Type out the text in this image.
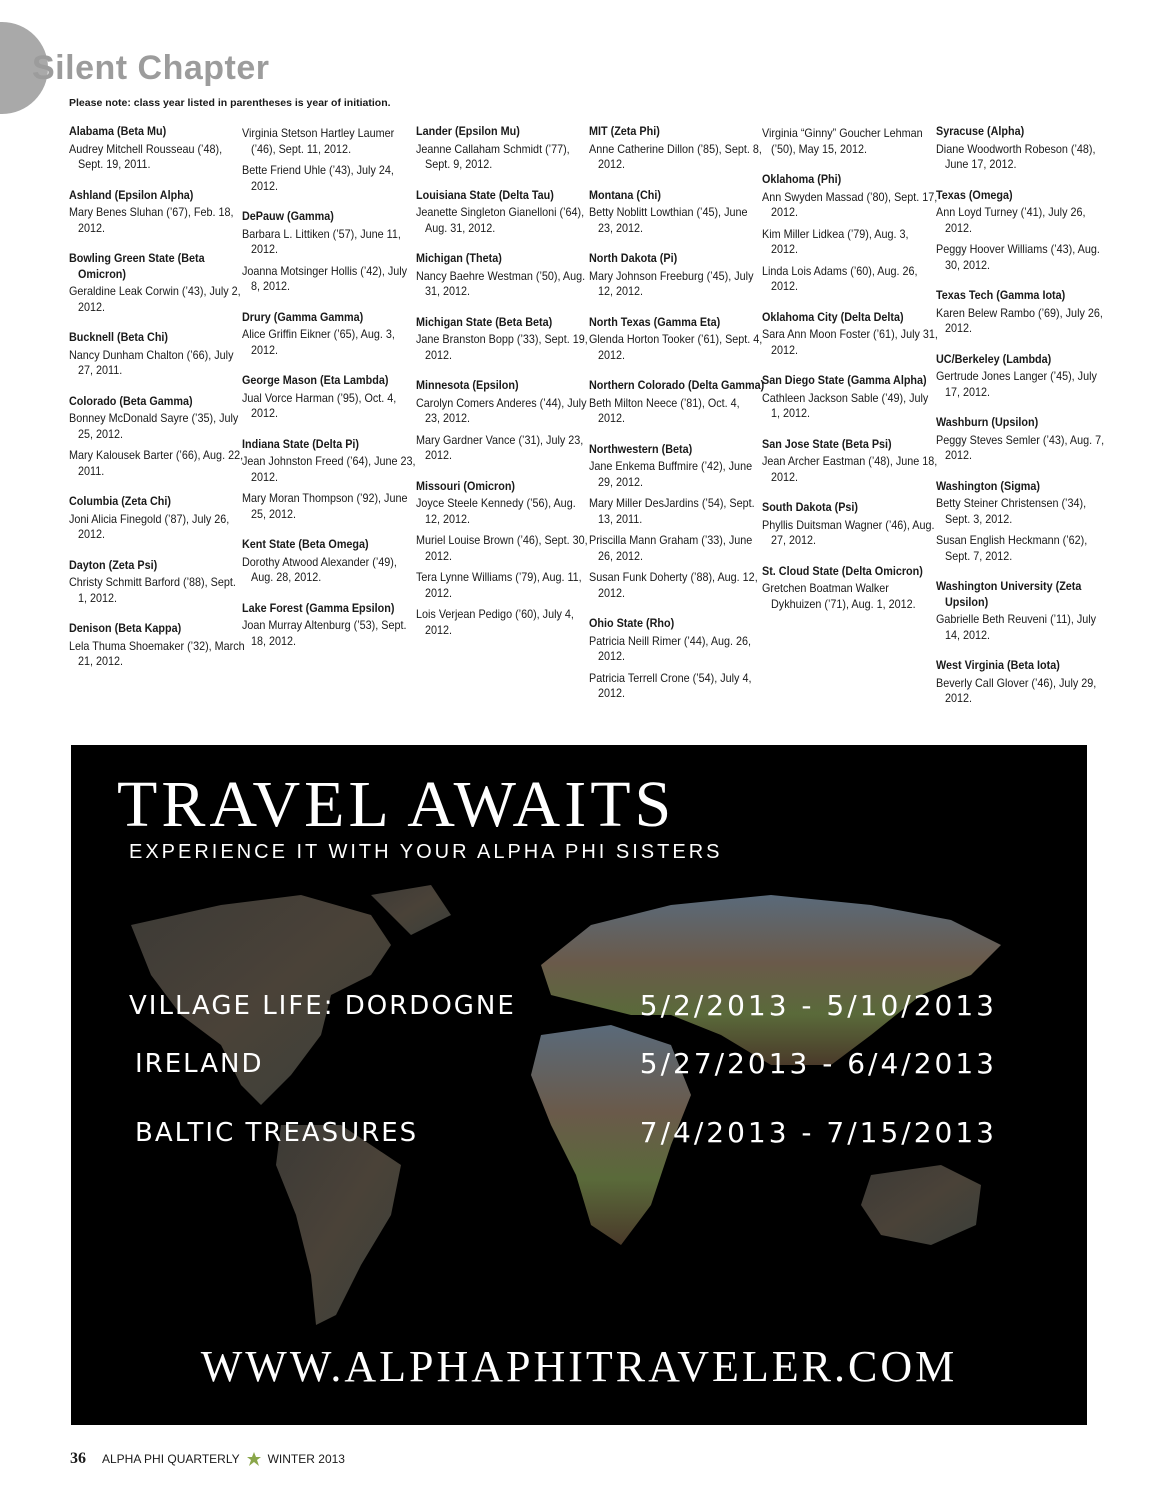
Silent Chapter
Please note: class year listed in parentheses is year of initiation.
Alabama (Beta Mu)
Audrey Mitchell Rousseau (’48), Sept. 19, 2011.
Ashland (Epsilon Alpha)
Mary Benes Sluhan (’67), Feb. 18, 2012.
Bowling Green State (Beta Omicron)
Geraldine Leak Corwin (’43), July 2, 2012.
Bucknell (Beta Chi)
Nancy Dunham Chalton (’66), July 27, 2011.
Colorado (Beta Gamma)
Bonney McDonald Sayre (’35), July 25, 2012.
Mary Kalousek Barter (’66), Aug. 22, 2011.
Columbia (Zeta Chi)
Joni Alicia Finegold (’87), July 26, 2012.
Dayton (Zeta Psi)
Christy Schmitt Barford (’88), Sept. 1, 2012.
Denison (Beta Kappa)
Lela Thuma Shoemaker (’32), March 21, 2012.
Virginia Stetson Hartley Laumer (’46), Sept. 11, 2012.
Bette Friend Uhle (’43), July 24, 2012.
DePauw (Gamma)
Barbara L. Littiken (’57), June 11, 2012.
Joanna Motsinger Hollis (’42), July 8, 2012.
Drury (Gamma Gamma)
Alice Griffin Eikner (’65), Aug. 3, 2012.
George Mason (Eta Lambda)
Jual Vorce Harman (’95), Oct. 4, 2012.
Indiana State (Delta Pi)
Jean Johnston Freed (’64), June 23, 2012.
Mary Moran Thompson (’92), June 25, 2012.
Kent State (Beta Omega)
Dorothy Atwood Alexander (’49), Aug. 28, 2012.
Lake Forest (Gamma Epsilon)
Joan Murray Altenburg (’53), Sept. 18, 2012.
Lander (Epsilon Mu)
Jeanne Callaham Schmidt (’77), Sept. 9, 2012.
Louisiana State (Delta Tau)
Jeanette Singleton Gianelloni (’64), Aug. 31, 2012.
Michigan (Theta)
Nancy Baehre Westman (’50), Aug. 31, 2012.
Michigan State (Beta Beta)
Jane Branston Bopp (’33), Sept. 19, 2012.
Minnesota (Epsilon)
Carolyn Comers Anderes (’44), July 23, 2012.
Mary Gardner Vance (’31), July 23, 2012.
Missouri (Omicron)
Joyce Steele Kennedy (’56), Aug. 12, 2012.
Muriel Louise Brown (’46), Sept. 30, 2012.
Tera Lynne Williams (’79), Aug. 11, 2012.
Lois Verjean Pedigo (’60), July 4, 2012.
MIT (Zeta Phi)
Anne Catherine Dillon (’85), Sept. 8, 2012.
Montana (Chi)
Betty Noblitt Lowthian (’45), June 23, 2012.
North Dakota (Pi)
Mary Johnson Freeburg (’45), July 12, 2012.
North Texas (Gamma Eta)
Glenda Horton Tooker (’61), Sept. 4, 2012.
Northern Colorado (Delta Gamma)
Beth Milton Neece (’81), Oct. 4, 2012.
Northwestern (Beta)
Jane Enkema Buffmire (’42), June 29, 2012.
Mary Miller DesJardins (’54), Sept. 13, 2011.
Priscilla Mann Graham (’33), June 26, 2012.
Susan Funk Doherty (’88), Aug. 12, 2012.
Ohio State (Rho)
Patricia Neill Rimer (’44), Aug. 26, 2012.
Patricia Terrell Crone (’54), July 4, 2012.
Virginia “Ginny” Goucher Lehman (’50), May 15, 2012.
Oklahoma (Phi)
Ann Swyden Massad (’80), Sept. 17, 2012.
Kim Miller Lidkea (’79), Aug. 3, 2012.
Linda Lois Adams (’60), Aug. 26, 2012.
Oklahoma City (Delta Delta)
Sara Ann Moon Foster (’61), July 31, 2012.
San Diego State (Gamma Alpha)
Cathleen Jackson Sable (’49), July 1, 2012.
San Jose State (Beta Psi)
Jean Archer Eastman (’48), June 18, 2012.
South Dakota (Psi)
Phyllis Duitsman Wagner (’46), Aug. 27, 2012.
St. Cloud State (Delta Omicron)
Gretchen Boatman Walker Dykhuizen (’71), Aug. 1, 2012.
Syracuse (Alpha)
Diane Woodworth Robeson (’48), June 17, 2012.
Texas (Omega)
Ann Loyd Turney (’41), July 26, 2012.
Peggy Hoover Williams (’43), Aug. 30, 2012.
Texas Tech (Gamma Iota)
Karen Belew Rambo (’69), July 26, 2012.
UC/Berkeley (Lambda)
Gertrude Jones Langer (’45), July 17, 2012.
Washburn (Upsilon)
Peggy Steves Semler (’43), Aug. 7, 2012.
Washington (Sigma)
Betty Steiner Christensen (’34), Sept. 3, 2012.
Susan English Heckmann (’62), Sept. 7, 2012.
Washington University (Zeta Upsilon)
Gabrielle Beth Reuveni (’11), July 14, 2012.
West Virginia (Beta Iota)
Beverly Call Glover (’46), July 29, 2012.
TRAVEL AWAITS
EXPERIENCE IT WITH YOUR ALPHA PHI SISTERS
VILLAGE LIFE: DORDOGNE	5/2/2013 - 5/10/2013
IRELAND	5/27/2013 - 6/4/2013
BALTIC TREASURES	7/4/2013 - 7/15/2013
WWW.ALPHAPHITRAVELER.COM
36 ALPHA PHI QUARTERLY WINTER 2013
